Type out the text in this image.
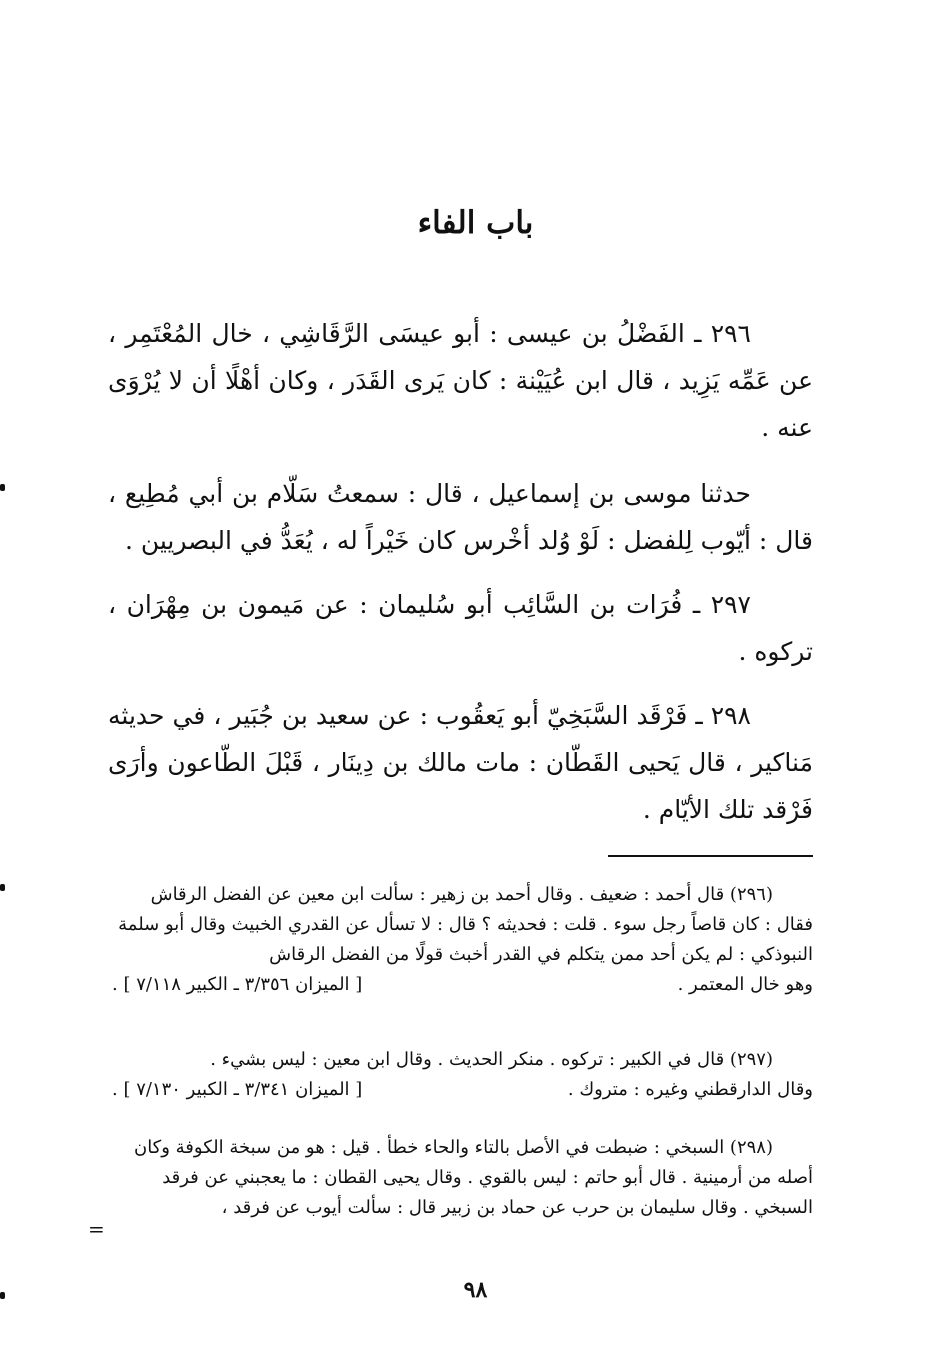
باب الفاء

٢٩٦ ـ الفَضْلُ بن عيسى : أبو عيسَى الرَّقَاشِي ، خال المُعْتَمِر ، عن عَمِّه يَزِيد ، قال ابن عُيَيْنة : كان يَرى القَدَر ، وكان أهْلًا أن لا يُرْوَى عنه .

حدثنا موسى بن إسماعيل ، قال : سمعتُ سَلّام بن أبي مُطِيع ، قال : أيّوب لِلفضل : لَوْ وُلد أخْرس كان خَيْراً له ، يُعَدُّ في البصريين .

٢٩٧ ـ فُرَات بن السَّائِب أبو سُليمان : عن مَيمون بن مِهْرَان ، تركوه .

٢٩٨ ـ فَرْقَد السَّبَخِيّ أبو يَعقُوب : عن سعيد بن جُبَير ، في حديثه مَناكير ، قال يَحيى القَطّان : مات مالك بن دِينَار ، قَبْلَ الطّاعون وأرَى فَرْقد تلك الأيّام .

(٢٩٦) قال أحمد : ضعيف . وقال أحمد بن زهير : سألت ابن معين عن الفضل الرقاش فقال : كان قاصاً رجل سوء . قلت : فحديثه ؟ قال : لا تسأل عن القدري الخبيث وقال أبو سلمة النبوذكي : لم يكن أحد ممن يتكلم في القدر أخبث قولًا من الفضل الرقاش

وهو خال المعتمر .
[ الميزان ٣/٣٥٦ ـ الكبير ٧/١١٨ ] .

(٢٩٧) قال في الكبير : تركوه . منكر الحديث . وقال ابن معين : ليس بشيء .

وقال الدارقطني وغيره : متروك .
[ الميزان ٣/٣٤١ ـ الكبير ٧/١٣٠ ] .

(٢٩٨) السبخي : ضبطت في الأصل بالتاء والحاء خطأ . قيل : هو من سبخة الكوفة وكان أصله من أرمينية . قال أبو حاتم : ليس بالقوي . وقال يحيى القطان : ما يعجبني عن فرقد السبخي . وقال سليمان بن حرب عن حماد بن زبير قال : سألت أيوب عن فرقد ،

=
٩٨
